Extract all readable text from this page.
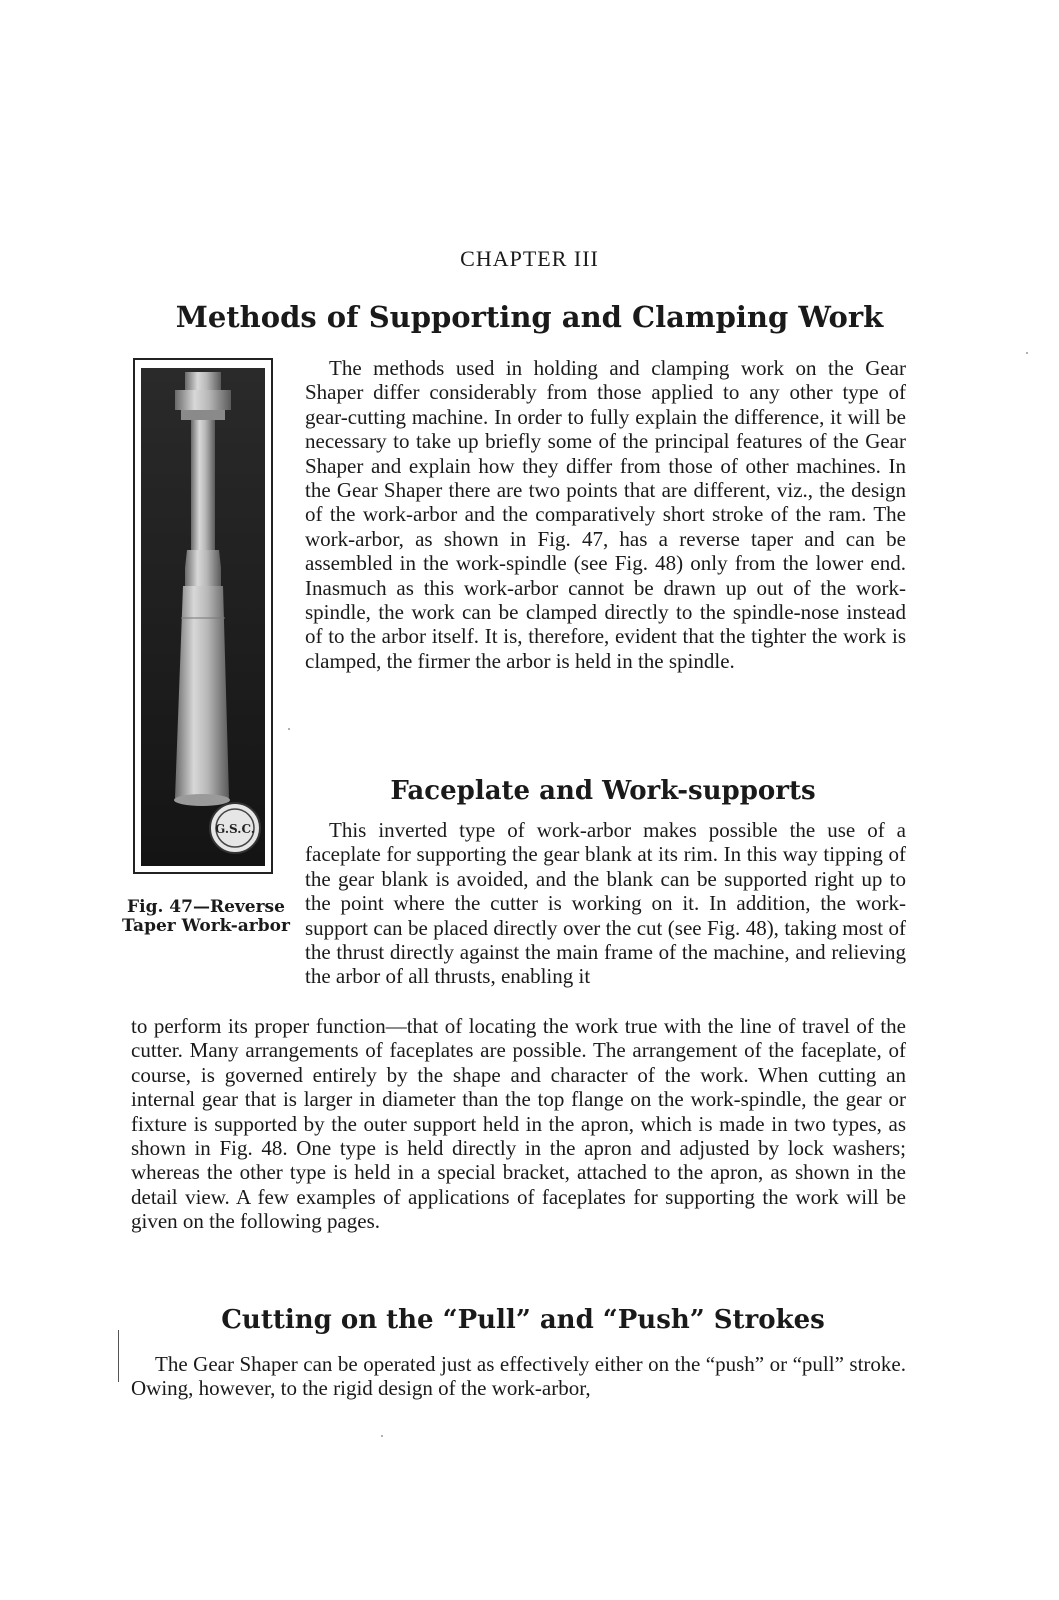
CHAPTER III
Methods of Supporting and Clamping Work
G.S.C.
Fig. 47—Reverse Taper Work-arbor

The methods used in holding and clamping work on the Gear Shaper differ considerably from those applied to any other type of gear-cutting machine. In order to fully explain the difference, it will be necessary to take up briefly some of the principal features of the Gear Shaper and explain how they differ from those of other machines. In the Gear Shaper there are two points that are different, viz., the design of the work-arbor and the comparatively short stroke of the ram. The work-arbor, as shown in Fig. 47, has a reverse taper and can be assembled in the work-spindle (see Fig. 48) only from the lower end. Inasmuch as this work-arbor cannot be drawn up out of the work-spindle, the work can be clamped directly to the spindle-nose instead of to the arbor itself. It is, therefore, evident that the tighter the work is clamped, the firmer the arbor is held in the spindle.

Faceplate and Work-supports

This inverted type of work-arbor makes possible the use of a faceplate for supporting the gear blank at its rim. In this way tipping of the gear blank is avoided, and the blank can be supported right up to the point where the cutter is working on it. In addition, the work-support can be placed directly over the cut (see Fig. 48), taking most of the thrust directly against the main frame of the machine, and relieving the arbor of all thrusts, enabling it

to perform its proper function—that of locating the work true with the line of travel of the cutter. Many arrangements of faceplates are possible. The arrangement of the faceplate, of course, is governed entirely by the shape and character of the work. When cutting an internal gear that is larger in diameter than the top flange on the work-spindle, the gear or fixture is supported by the outer support held in the apron, which is made in two types, as shown in Fig. 48. One type is held directly in the apron and adjusted by lock washers; whereas the other type is held in a special bracket, attached to the apron, as shown in the detail view. A few examples of applications of faceplates for supporting the work will be given on the following pages.

Cutting on the “Pull” and “Push” Strokes

The Gear Shaper can be operated just as effectively either on the “push” or “pull” stroke. Owing, however, to the rigid design of the work-arbor,
